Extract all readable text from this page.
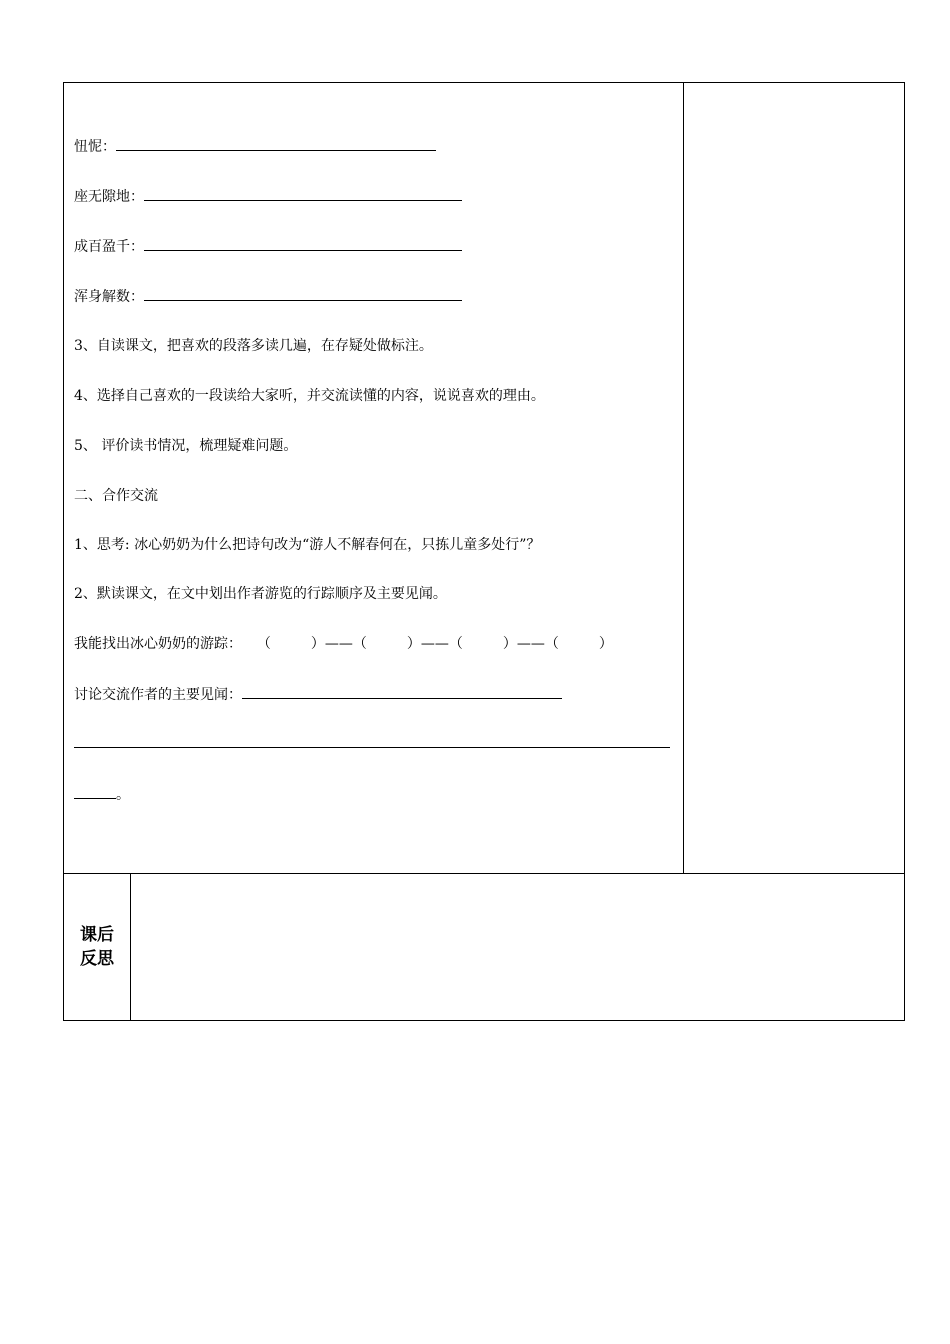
忸怩：
座无隙地：
成百盈千：
浑身解数：
3、自读课文，把喜欢的段落多读几遍，在存疑处做标注。
4、选择自己喜欢的一段读给大家听，并交流读懂的内容，说说喜欢的理由。
5、 评价读书情况，梳理疑难问题。
二、合作交流
1、思考: 冰心奶奶为什么把诗句改为“游人不解春何在，只拣儿童多处行”？
2、默读课文，在文中划出作者游览的行踪顺序及主要见闻。
我能找出冰心奶奶的游踪： （	）——（	）——（	）——（	）
讨论交流作者的主要见闻：
。
课后
反思
